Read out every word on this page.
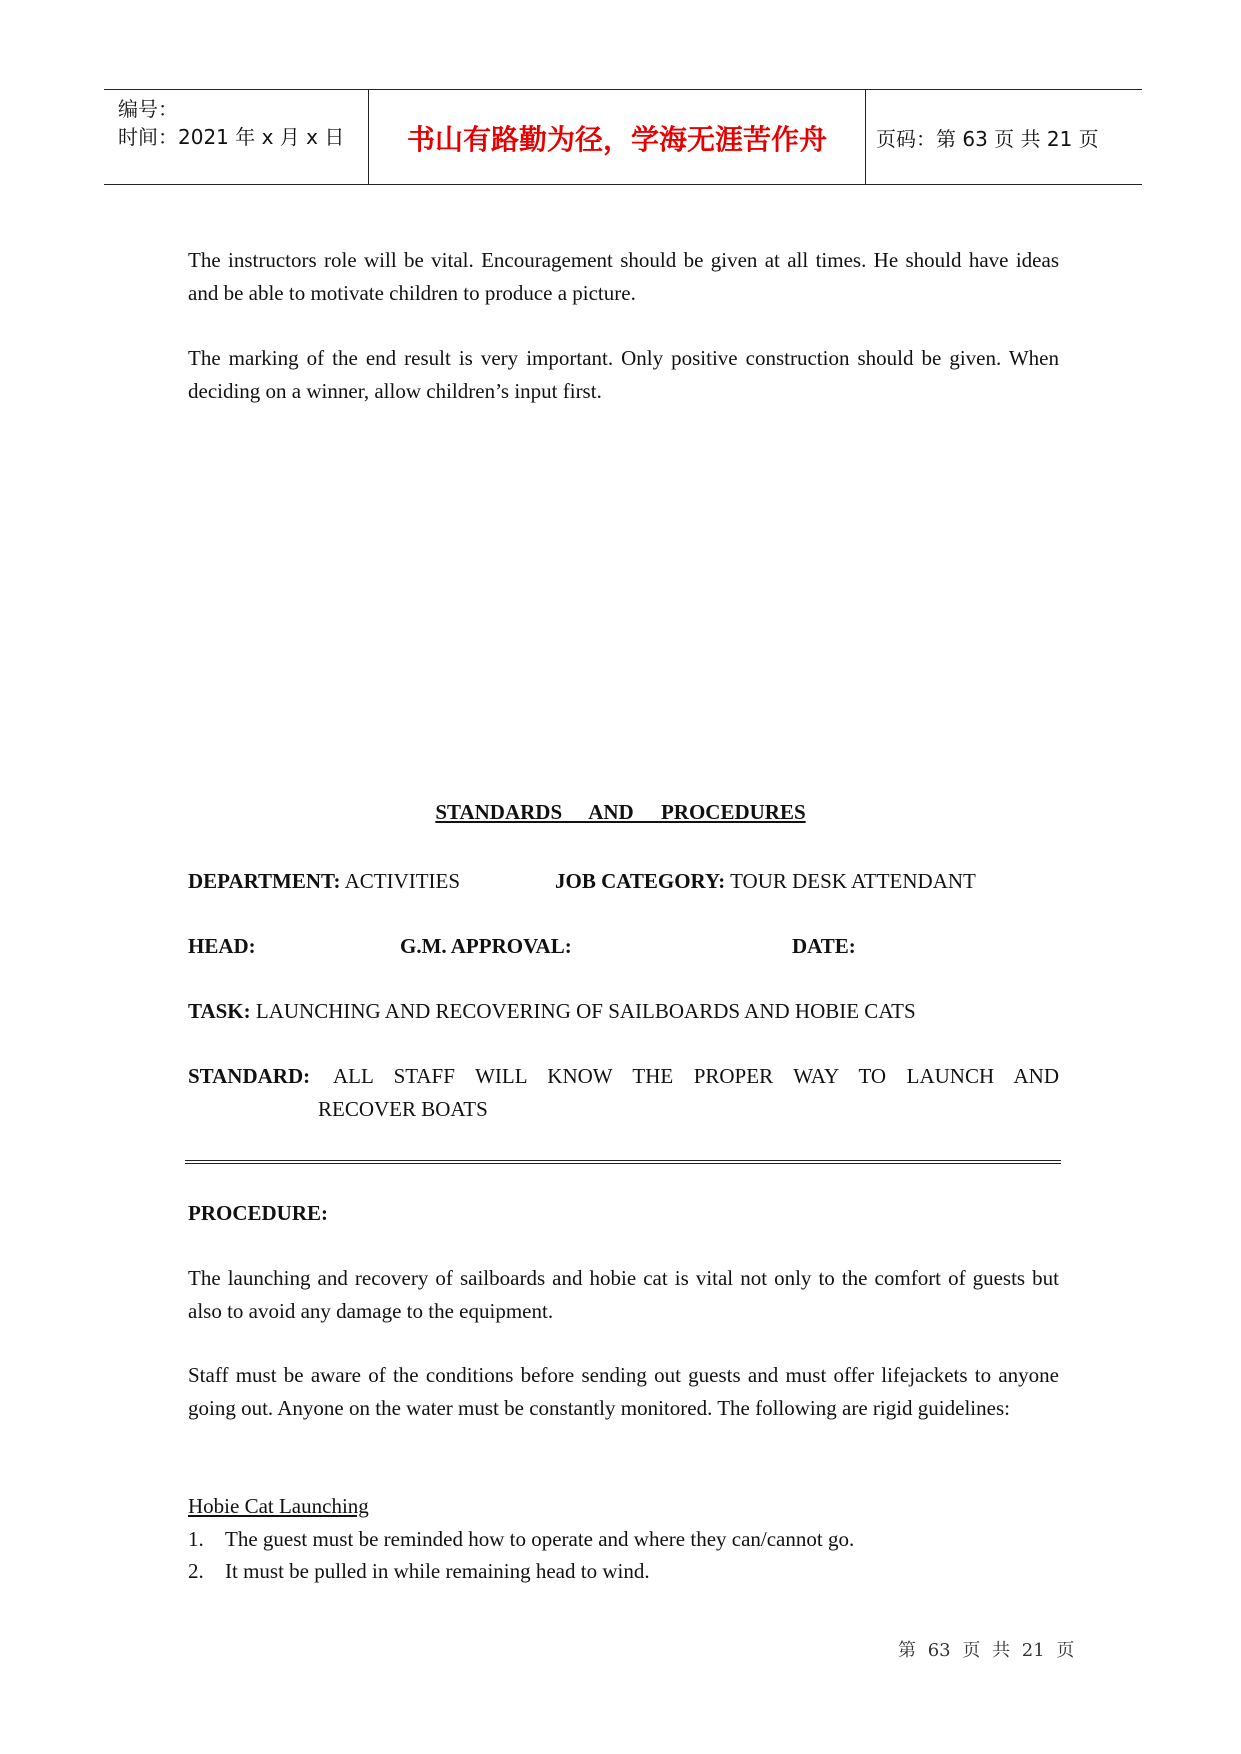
编号：
时间：2021 年 x 月 x 日	书山有路勤为径，学海无涯苦作舟	页码：第 63 页 共 21 页

The instructors role will be vital. Encouragement should be given at all times. He should have ideas and be able to motivate children to produce a picture.

The marking of the end result is very important. Only positive construction should be given. When deciding on a winner, allow children’s input first.

STANDARDS AND PROCEDURES
DEPARTMENT: ACTIVITIES	JOB CATEGORY: TOUR DESK ATTENDANT
HEAD:	G.M. APPROVAL:	DATE:
TASK: LAUNCHING AND RECOVERING OF SAILBOARDS AND HOBIE CATS
STANDARD: ALL STAFF WILL KNOW THE PROPER WAY TO LAUNCH AND
RECOVER BOATS
PROCEDURE:

The launching and recovery of sailboards and hobie cat is vital not only to the comfort of guests but also to avoid any damage to the equipment.

Staff must be aware of the conditions before sending out guests and must offer lifejackets to anyone going out. Anyone on the water must be constantly monitored. The following are rigid guidelines:

Hobie Cat Launching
1. The guest must be reminded how to operate and where they can/cannot go.
2. It must be pulled in while remaining head to wind.
第 63 页 共 21 页
